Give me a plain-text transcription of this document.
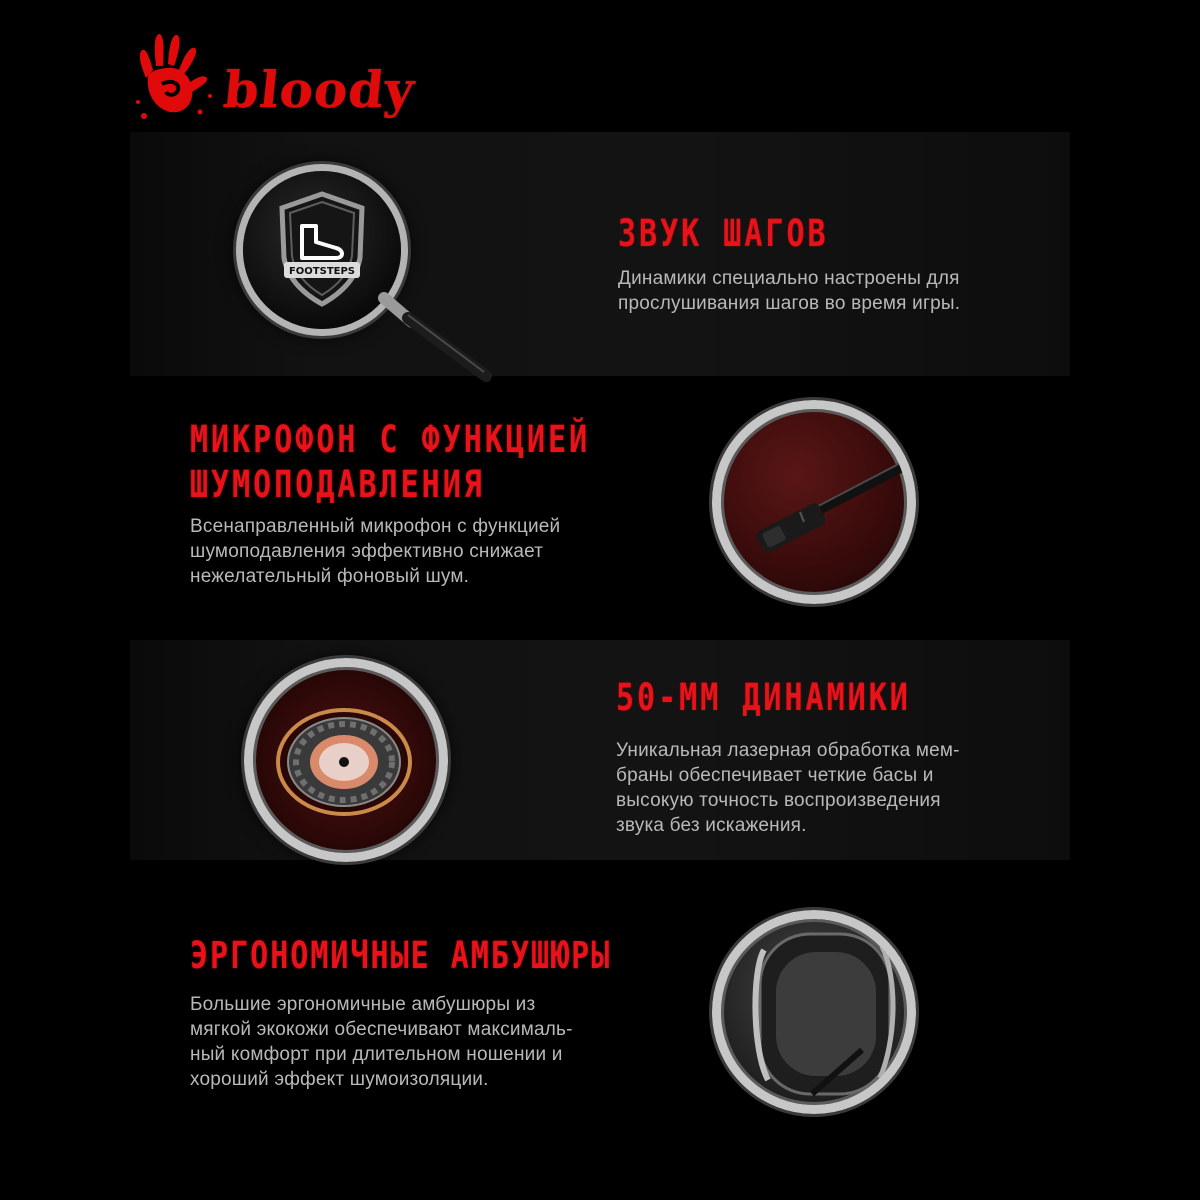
bloody
FOOTSTEPS
ЗВУК ШАГОВ
Динамики специально настроены для
прослушивания шагов во время игры.
МИКРОФОН С ФУНКЦИЕЙ
ШУМОПОДАВЛЕНИЯ
Всенаправленный микрофон с функцией
шумоподавления эффективно снижает
нежелательный фоновый шум.
50-ММ ДИНАМИКИ
Уникальная лазерная обработка мем-
браны обеспечивает четкие басы и
высокую точность воспроизведения
звука без искажения.
ЭРГОНОМИЧНЫЕ АМБУШЮРЫ
Большие эргономичные амбушюры из
мягкой экокожи обеспечивают максималь-
ный комфорт при длительном ношении и
хороший эффект шумоизоляции.
